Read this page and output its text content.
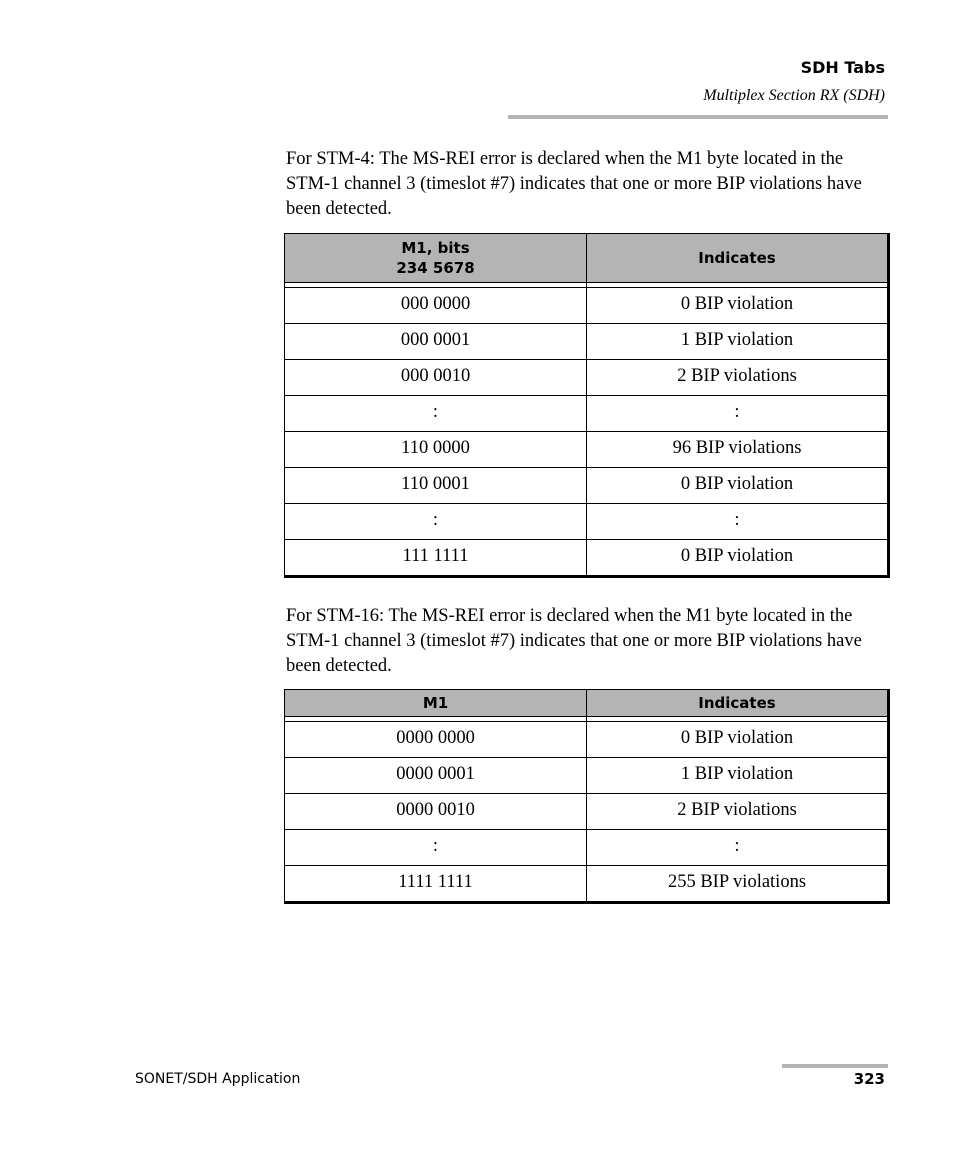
SDH Tabs
Multiplex Section RX (SDH)

For STM-4: The MS-REI error is declared when the M1 byte located in the STM-1 channel 3 (timeslot #7) indicates that one or more BIP violations have been detected.

M1, bits
234 5678	Indicates

000 0000	0 BIP violation
000 0001	1 BIP violation
000 0010	2 BIP violations
:	:
110 0000	96 BIP violations
110 0001	0 BIP violation
:	:
111 1111	0 BIP violation

For STM-16: The MS-REI error is declared when the M1 byte located in the STM-1 channel 3 (timeslot #7) indicates that one or more BIP violations have been detected.

M1	Indicates

0000 0000	0 BIP violation
0000 0001	1 BIP violation
0000 0010	2 BIP violations
:	:
1111 1111	255 BIP violations
SONET/SDH Application	323
